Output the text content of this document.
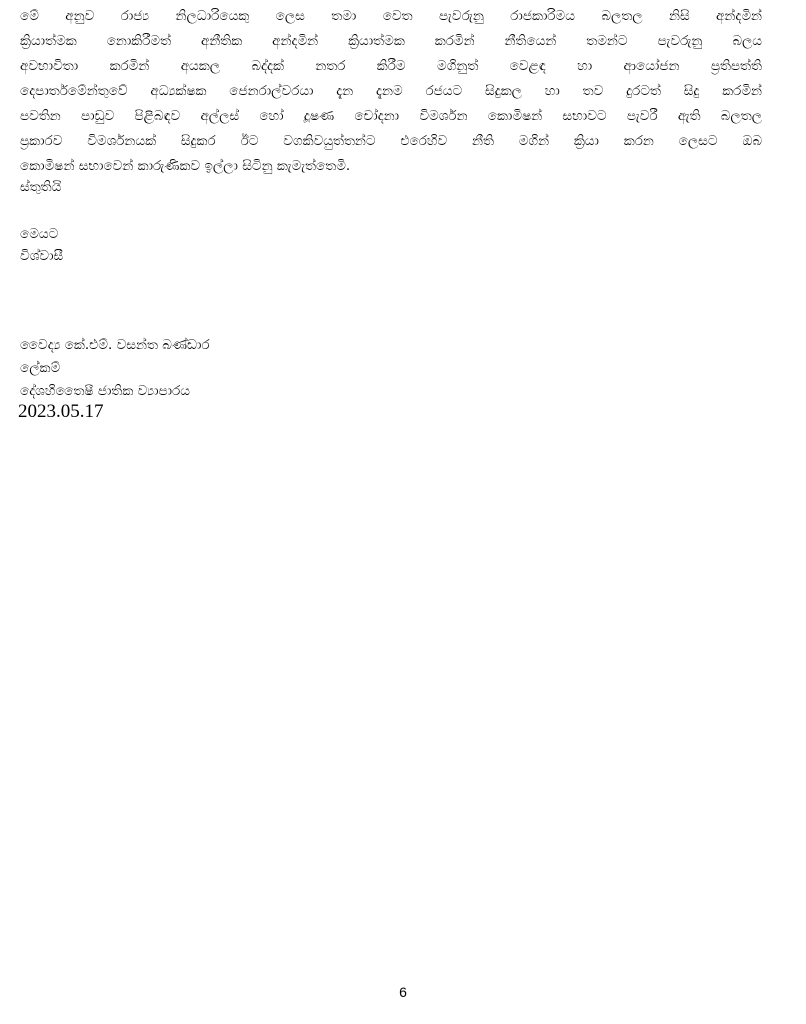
මේ අනුව රාජ්‍ය නිලධාරියෙකු ලෙස තමා වෙත පැවරුනු රාජකාරිමය බලතල නිසි අන්දමින්
ක්‍රියාත්මක නොකිරීමත් අනීතික අන්දමින් ක්‍රියාත්මක කරමින් නීතියෙන් තමන්ට පැවරුනු බලය
අවභාවිතා කරමින් අයකල බද්දක් නතර කිරීම මගිනුත් වෙළඳ හා ආයෝජන ප්‍රතිපත්ති
දෙපාර්තමේන්තුවේ අධ්‍යක්ෂක ජෙනරාල්වරයා දැන දැනම රජයට සිදුකල හා තව දුරටත් සිදු කරමින්
පවතින පාඩුව පිළිබඳව අල්ලස් හෝ දූෂණ චෝදනා විමර්ශන කොමිෂන් සභාවට පැවරී ඇති බලතල
ප්‍රකාරව විමර්ශනයක් සිදුකර ඊට වගකිවයුත්තන්ට එරෙහිව නීති මගින් ක්‍රියා කරන ලෙසට ඔබ
කොමිෂන් සභාවෙන් කාරුණිකව ඉල්ලා සිටිනු කැමැත්තෙමි.

ස්තුතියි

මෙයට

විශ්වාසී

වෛද්‍ය කේ.එම්. වසන්ත බණ්ඩාර

ලේකම්

දේශහිතෛෂී ජාතික ව්‍යාපාරය

2023.05.17
6
